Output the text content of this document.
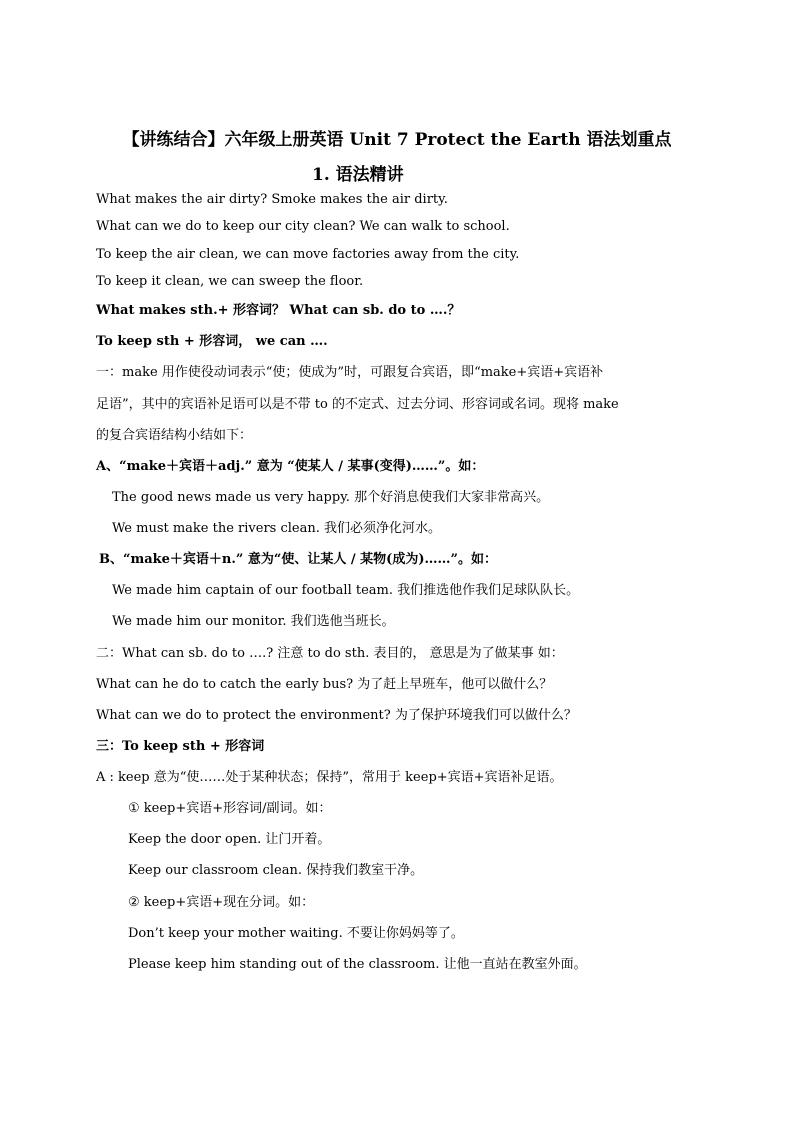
【讲练结合】六年级上册英语 Unit 7 Protect the Earth 语法划重点
1. 语法精讲
What makes the air dirty? Smoke makes the air dirty.
What can we do to keep our city clean? We can walk to school.
To keep the air clean, we can move factories away from the city.
To keep it clean, we can sweep the floor.
What makes sth.+ 形容词？ What can sb. do to ….？
To keep sth + 形容词， we can ….
一：make 用作使役动词表示“使；使成为”时，可跟复合宾语，即“make+宾语+宾语补
足语”，其中的宾语补足语可以是不带 to 的不定式、过去分词、形容词或名词。现将 make
的复合宾语结构小结如下：
A、“make＋宾语＋adj.” 意为 “使某人 / 某事(变得)……”。如：
The good news made us very happy. 那个好消息使我们大家非常高兴。
We must make the rivers clean. 我们必须净化河水。
B、“make＋宾语＋n.” 意为“使、让某人 / 某物(成为)……”。如：
We made him captain of our football team. 我们推选他作我们足球队队长。
We made him our monitor. 我们选他当班长。
二：What can sb. do to ….? 注意 to do sth. 表目的， 意思是为了做某事 如：
What can he do to catch the early bus? 为了赶上早班车，他可以做什么？
What can we do to protect the environment? 为了保护环境我们可以做什么？
三：To keep sth + 形容词
A : keep 意为“使……处于某种状态；保持”，常用于 keep+宾语+宾语补足语。
① keep+宾语+形容词/副词。如：
Keep the door open. 让门开着。
Keep our classroom clean. 保持我们教室干净。
② keep+宾语+现在分词。如：
Don’t keep your mother waiting. 不要让你妈妈等了。
Please keep him standing out of the classroom. 让他一直站在教室外面。
